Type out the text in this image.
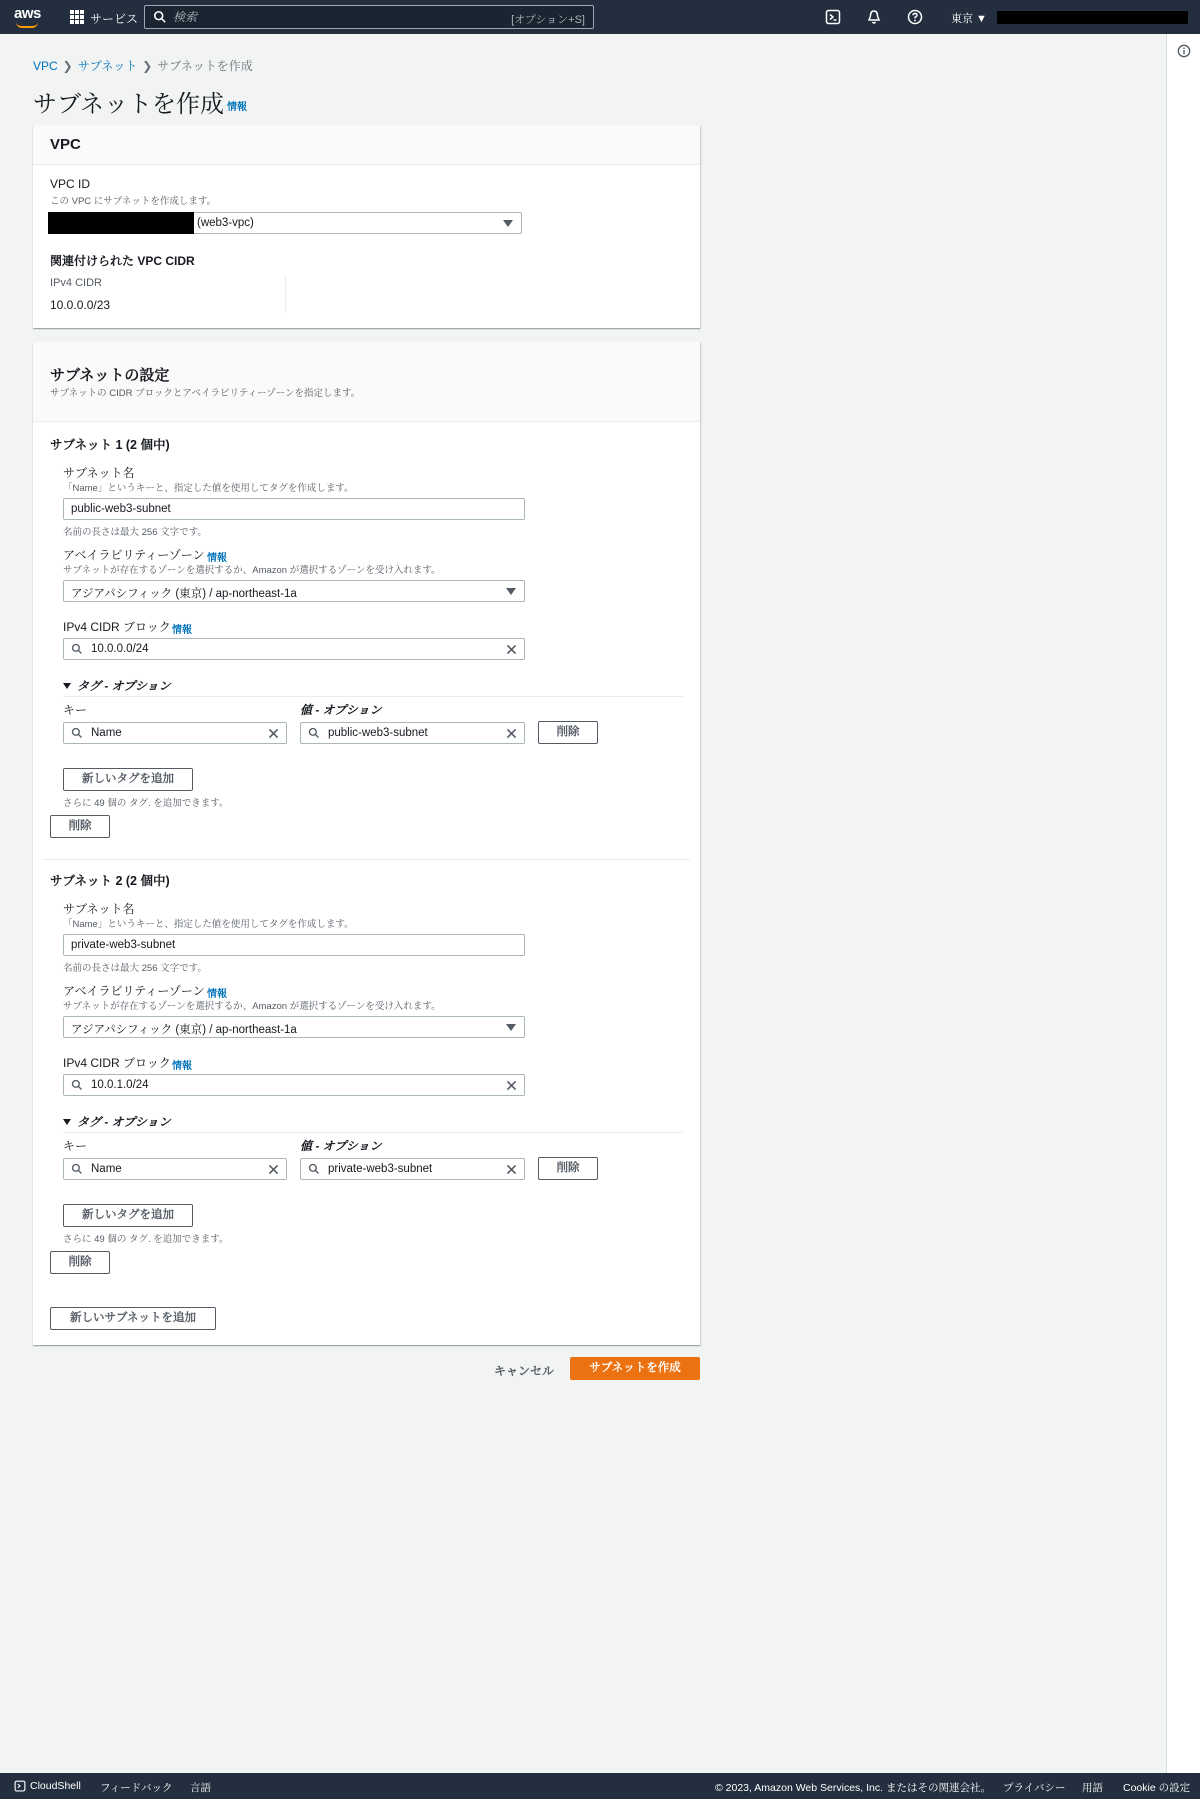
aws	サービス
検索	[オプション+S]	東京 ▼
VPC ❯ サブネット ❯ サブネットを作成
サブネットを作成 情報
VPC
VPC ID
この VPC にサブネットを作成します。
(web3-vpc)
関連付けられた VPC CIDR
IPv4 CIDR
10.0.0.0/23
サブネットの設定
サブネットの CIDR ブロックとアベイラビリティーゾーンを指定します。
サブネット 1 (2 個中)
サブネット名
「Name」というキーと、指定した値を使用してタグを作成します。
public-web3-subnet
名前の長さは最大 256 文字です。
アベイラビリティーゾーン 情報
サブネットが存在するゾーンを選択するか、Amazon が選択するゾーンを受け入れます。
アジアパシフィック (東京) / ap-northeast-1a
IPv4 CIDR ブロック 情報
10.0.0.0/24
タグ - オプション
キー	値 - オプション
Name	public-web3-subnet	削除
新しいタグを追加
さらに 49 個の タグ. を追加できます。
削除
サブネット 2 (2 個中)
サブネット名
「Name」というキーと、指定した値を使用してタグを作成します。
private-web3-subnet
名前の長さは最大 256 文字です。
アベイラビリティーゾーン 情報
サブネットが存在するゾーンを選択するか、Amazon が選択するゾーンを受け入れます。
アジアパシフィック (東京) / ap-northeast-1a
IPv4 CIDR ブロック 情報
10.0.1.0/24
タグ - オプション
キー	値 - オプション
Name	private-web3-subnet	削除
新しいタグを追加
さらに 49 個の タグ. を追加できます。
削除
新しいサブネットを追加
キャンセル	サブネットを作成
CloudShell フィードバック 言語	© 2023, Amazon Web Services, Inc. またはその関連会社。 プライバシー 用語 Cookie の設定
